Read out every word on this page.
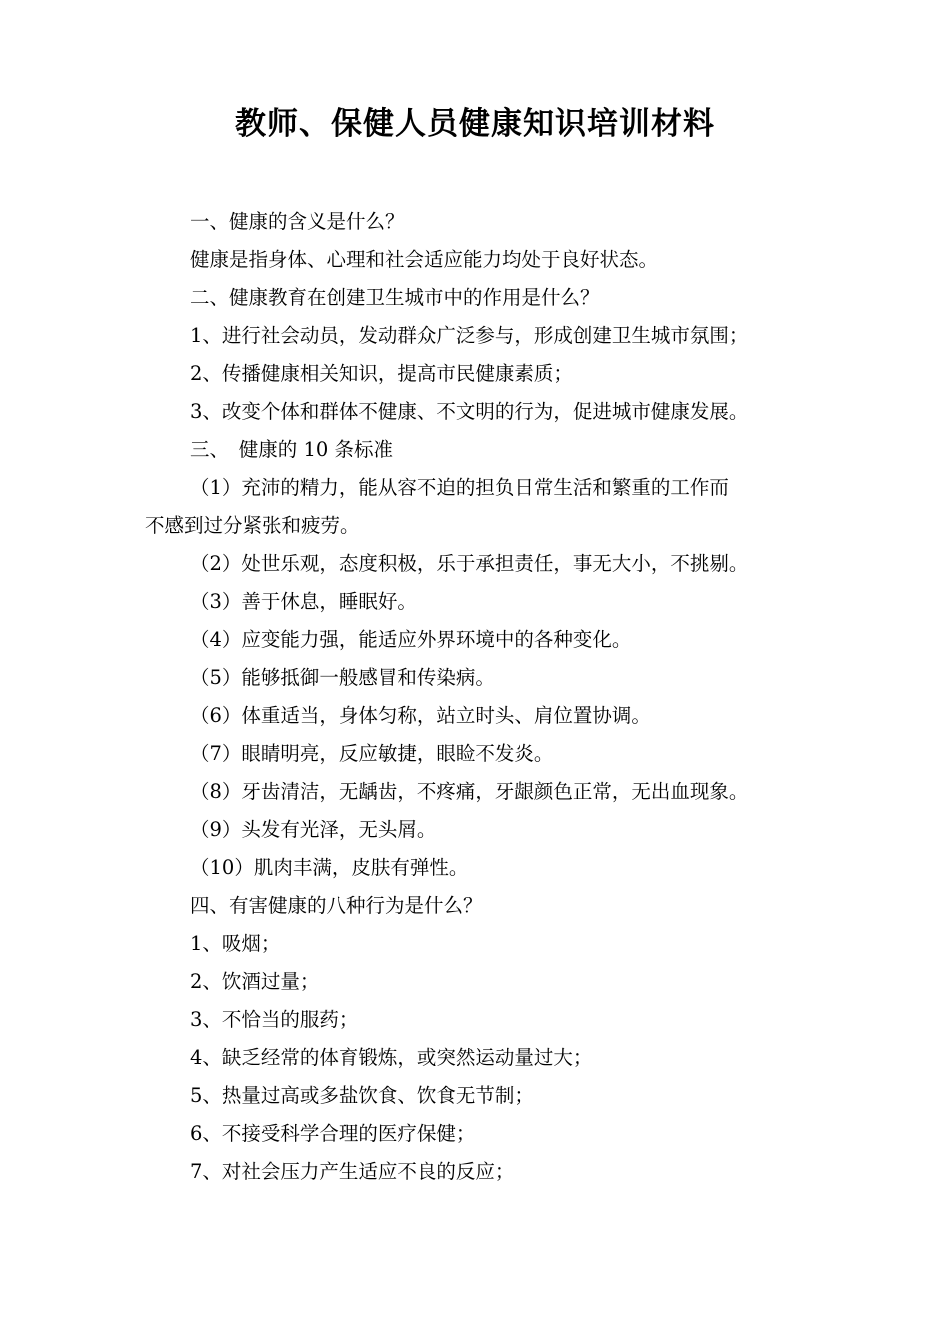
教师、保健人员健康知识培训材料
一、健康的含义是什么？
健康是指身体、心理和社会适应能力均处于良好状态。
二、健康教育在创建卫生城市中的作用是什么？
1、进行社会动员，发动群众广泛参与，形成创建卫生城市氛围；
2、传播健康相关知识，提高市民健康素质；
3、改变个体和群体不健康、不文明的行为，促进城市健康发展。
三、　健康的 10 条标准
（1）充沛的精力，能从容不迫的担负日常生活和繁重的工作而
不感到过分紧张和疲劳。
（2）处世乐观，态度积极，乐于承担责任，事无大小，不挑剔。
（3）善于休息，睡眠好。
（4）应变能力强，能适应外界环境中的各种变化。
（5）能够抵御一般感冒和传染病。
（6）体重适当，身体匀称，站立时头、肩位置协调。
（7）眼睛明亮，反应敏捷，眼睑不发炎。
（8）牙齿清洁，无龋齿，不疼痛，牙龈颜色正常，无出血现象。
（9）头发有光泽，无头屑。
（10）肌肉丰满，皮肤有弹性。
四、有害健康的八种行为是什么？
1、吸烟；
2、饮酒过量；
3、不恰当的服药；
4、缺乏经常的体育锻炼，或突然运动量过大；
5、热量过高或多盐饮食、饮食无节制；
6、不接受科学合理的医疗保健；
7、对社会压力产生适应不良的反应；
